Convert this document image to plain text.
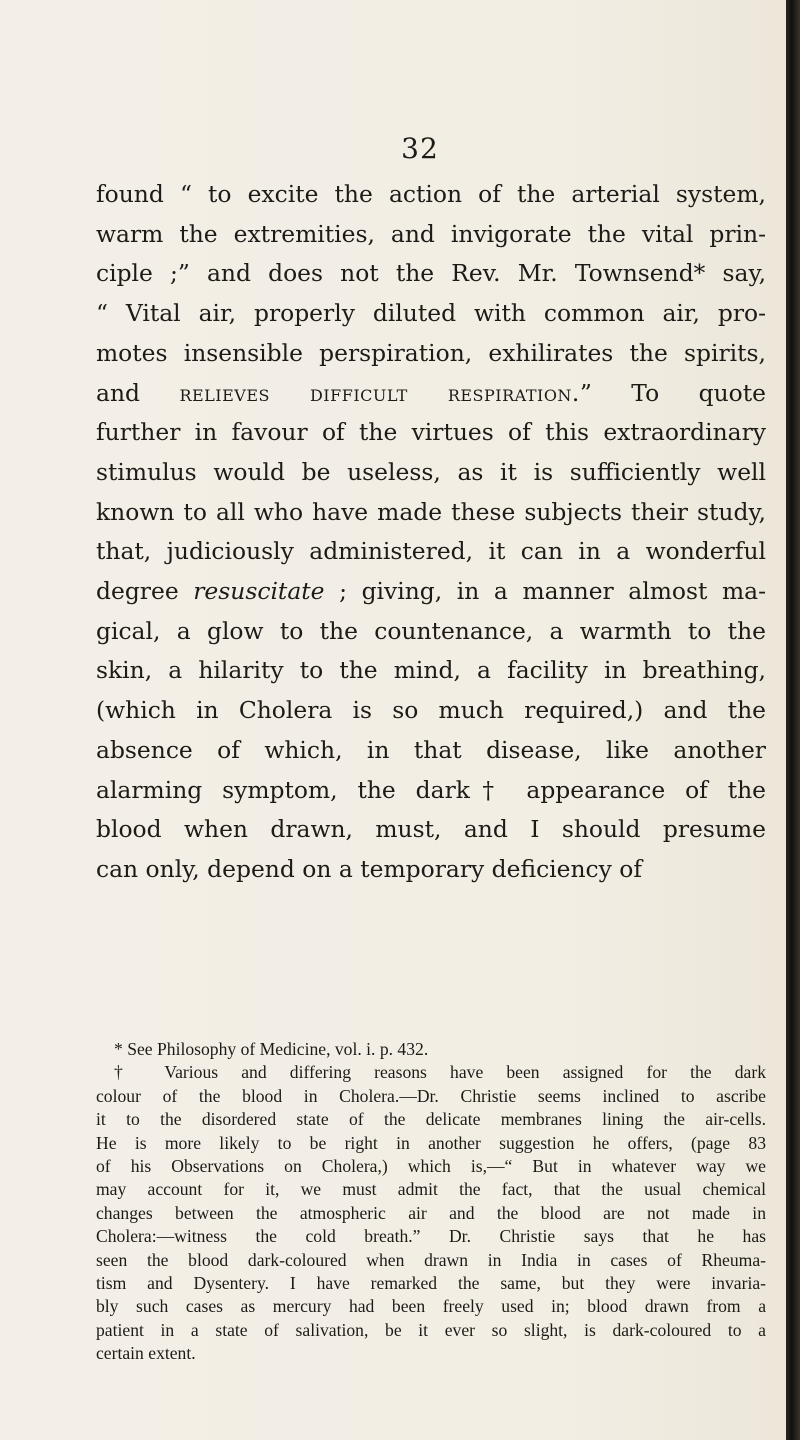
32
found “ to excite the action of the arterial system,
warm the extremities, and invigorate the vital prin-
ciple ;” and does not the Rev. Mr. Townsend* say,
“ Vital air, properly diluted with common air, pro-
motes insensible perspiration, exhilirates the spirits,
and relieves difficult respiration.” To quote
further in favour of the virtues of this extraordinary
stimulus would be useless, as it is sufficiently well
known to all who have made these subjects their study,
that, judiciously administered, it can in a wonderful
degree resuscitate ; giving, in a manner almost ma-
gical, a glow to the countenance, a warmth to the
skin, a hilarity to the mind, a facility in breathing,
(which in Cholera is so much required,) and the
absence of which, in that disease, like another
alarming symptom, the dark† appearance of the
blood when drawn, must, and I should presume
can only, depend on a temporary deficiency of
* See Philosophy of Medicine, vol. i. p. 432.
† Various and differing reasons have been assigned for the dark
colour of the blood in Cholera.—Dr. Christie seems inclined to ascribe
it to the disordered state of the delicate membranes lining the air-cells.
He is more likely to be right in another suggestion he offers, (page 83
of his Observations on Cholera,) which is,—“ But in whatever way we
may account for it, we must admit the fact, that the usual chemical
changes between the atmospheric air and the blood are not made in
Cholera:—witness the cold breath.” Dr. Christie says that he has
seen the blood dark-coloured when drawn in India in cases of Rheuma-
tism and Dysentery. I have remarked the same, but they were invaria-
bly such cases as mercury had been freely used in; blood drawn from a
patient in a state of salivation, be it ever so slight, is dark-coloured to a
certain extent.
